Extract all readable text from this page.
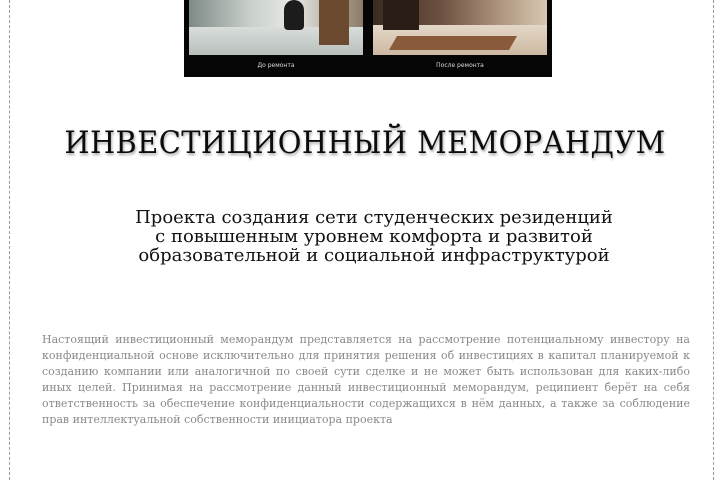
До ремонта	После ремонта
ИНВЕСТИЦИОННЫЙ МЕМОРАНДУМ
Проекта создания сети студенческих резиденций
с повышенным уровнем комфорта и развитой
образовательной и социальной инфраструктурой
Настоящий инвестиционный меморандум представляется на рассмотрение потенциальному инвестору на конфиденциальной основе исключительно для принятия решения об инвестициях в капитал планируемой к созданию компании или аналогичной по своей сути сделке и не может быть использован для каких-либо иных целей. Принимая на рассмотрение данный инвестиционный меморандум, реципиент берёт на себя ответственность за обеспечение конфиденциальности содержащихся в нём данных, а также за соблюдение прав интеллектуальной собственности инициатора проекта
